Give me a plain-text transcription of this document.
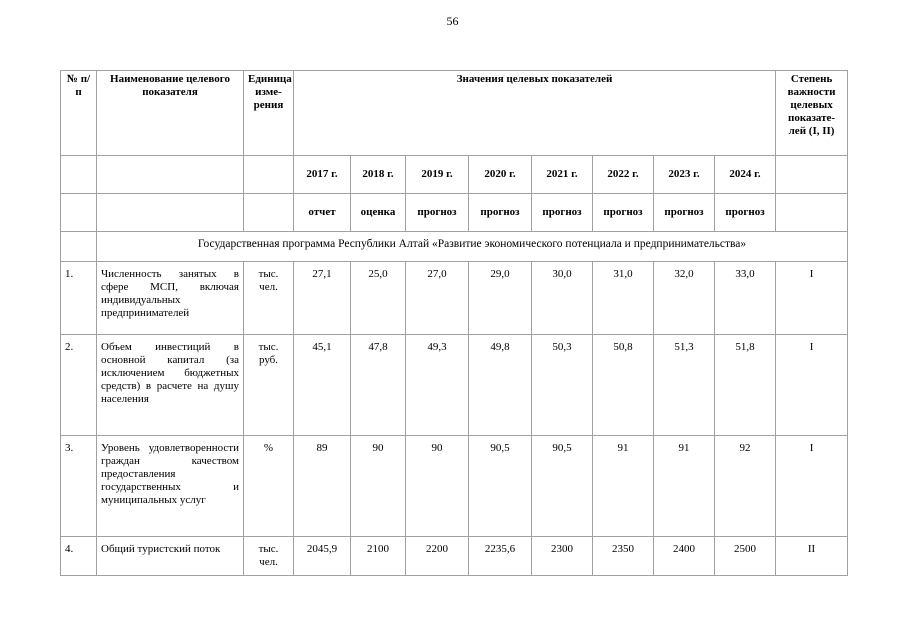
56
№ п/п	Наименование целевого показателя	Единица изме-рения	Значения целевых показателей								Степень важности целевых показате-лей (I, II)
			2017 г.	2018 г.	2019 г.	2020 г.	2021 г.	2022 г.	2023 г.	2024 г.	
			отчет	оценка	прогноз	прогноз	прогноз	прогноз	прогноз	прогноз	
	Государственная программа Республики Алтай «Развитие экономического потенциала и предпринимательства»										
1.	Численность занятых в сфере МСП, включая индивидуальных предпринимателей	тыс. чел.	27,1	25,0	27,0	29,0	30,0	31,0	32,0	33,0	I
2.	Объем инвестиций в основной капитал (за исключением бюджетных средств) в расчете на душу населения	тыс. руб.	45,1	47,8	49,3	49,8	50,3	50,8	51,3	51,8	I
3.	Уровень удовлетворенности граждан качеством предоставления государственных и муниципальных услуг	%	89	90	90	90,5	90,5	91	91	92	I
4.	Общий туристский поток	тыс. чел.	2045,9	2100	2200	2235,6	2300	2350	2400	2500	II
